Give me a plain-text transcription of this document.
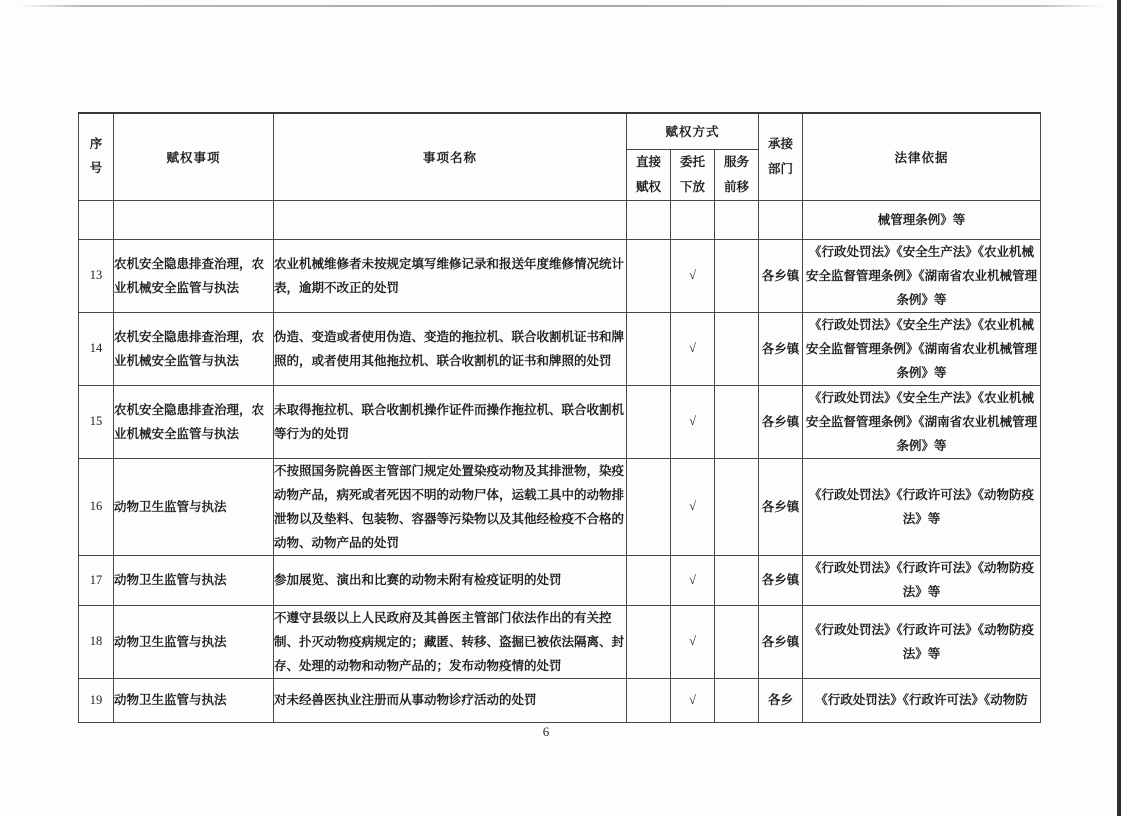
序号	赋权事项	事项名称	赋权方式			承接部门	法律依据
			直接赋权	委托下放	服务前移		
							械管理条例》等
13	农机安全隐患排查治理，农业机械安全监管与执法	农业机械维修者未按规定填写维修记录和报送年度维修情况统计表，逾期不改正的处罚		√		各乡镇	《行政处罚法》《安全生产法》《农业机械安全监督管理条例》《湖南省农业机械管理条例》等
14	农机安全隐患排查治理，农业机械安全监管与执法	伪造、变造或者使用伪造、变造的拖拉机、联合收割机证书和牌照的，或者使用其他拖拉机、联合收割机的证书和牌照的处罚		√		各乡镇	《行政处罚法》《安全生产法》《农业机械安全监督管理条例》《湖南省农业机械管理条例》等
15	农机安全隐患排查治理，农业机械安全监管与执法	未取得拖拉机、联合收割机操作证件而操作拖拉机、联合收割机等行为的处罚		√		各乡镇	《行政处罚法》《安全生产法》《农业机械安全监督管理条例》《湖南省农业机械管理条例》等
16	动物卫生监管与执法	不按照国务院兽医主管部门规定处置染疫动物及其排泄物，染疫动物产品，病死或者死因不明的动物尸体，运载工具中的动物排泄物以及垫料、包装物、容器等污染物以及其他经检疫不合格的动物、动物产品的处罚		√		各乡镇	《行政处罚法》《行政许可法》《动物防疫法》等
17	动物卫生监管与执法	参加展览、演出和比赛的动物未附有检疫证明的处罚		√		各乡镇	《行政处罚法》《行政许可法》《动物防疫法》等
18	动物卫生监管与执法	不遵守县级以上人民政府及其兽医主管部门依法作出的有关控制、扑灭动物疫病规定的；藏匿、转移、盗掘已被依法隔离、封存、处理的动物和动物产品的；发布动物疫情的处罚		√		各乡镇	《行政处罚法》《行政许可法》《动物防疫法》等
19	动物卫生监管与执法	对未经兽医执业注册而从事动物诊疗活动的处罚		√		各乡	《行政处罚法》《行政许可法》《动物防
6
